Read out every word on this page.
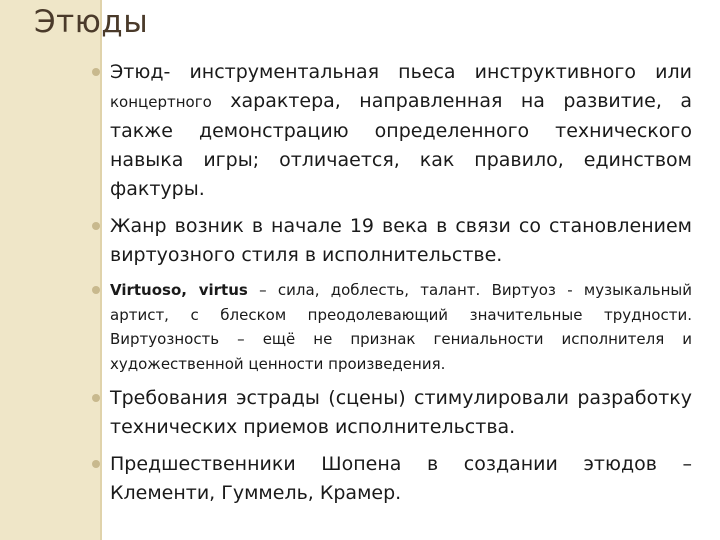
Этюды
Этюд- инструментальная пьеса инструктивного или концертного характера, направленная на развитие, а также демонстрацию определенного технического навыка игры; отличается, как правило, единством фактуры.
Жанр возник в начале 19 века в связи со становлением виртуозного стиля в исполнительстве.
Virtuoso, virtus – сила, доблесть, талант. Виртуоз - музыкальный артист, с блеском преодолевающий значительные трудности. Виртуозность – ещё не признак гениальности исполнителя и художественной ценности произведения.
Требования эстрады (сцены) стимулировали разработку технических приемов исполнительства.
Предшественники Шопена в создании этюдов – Клементи, Гуммель, Крамер.
